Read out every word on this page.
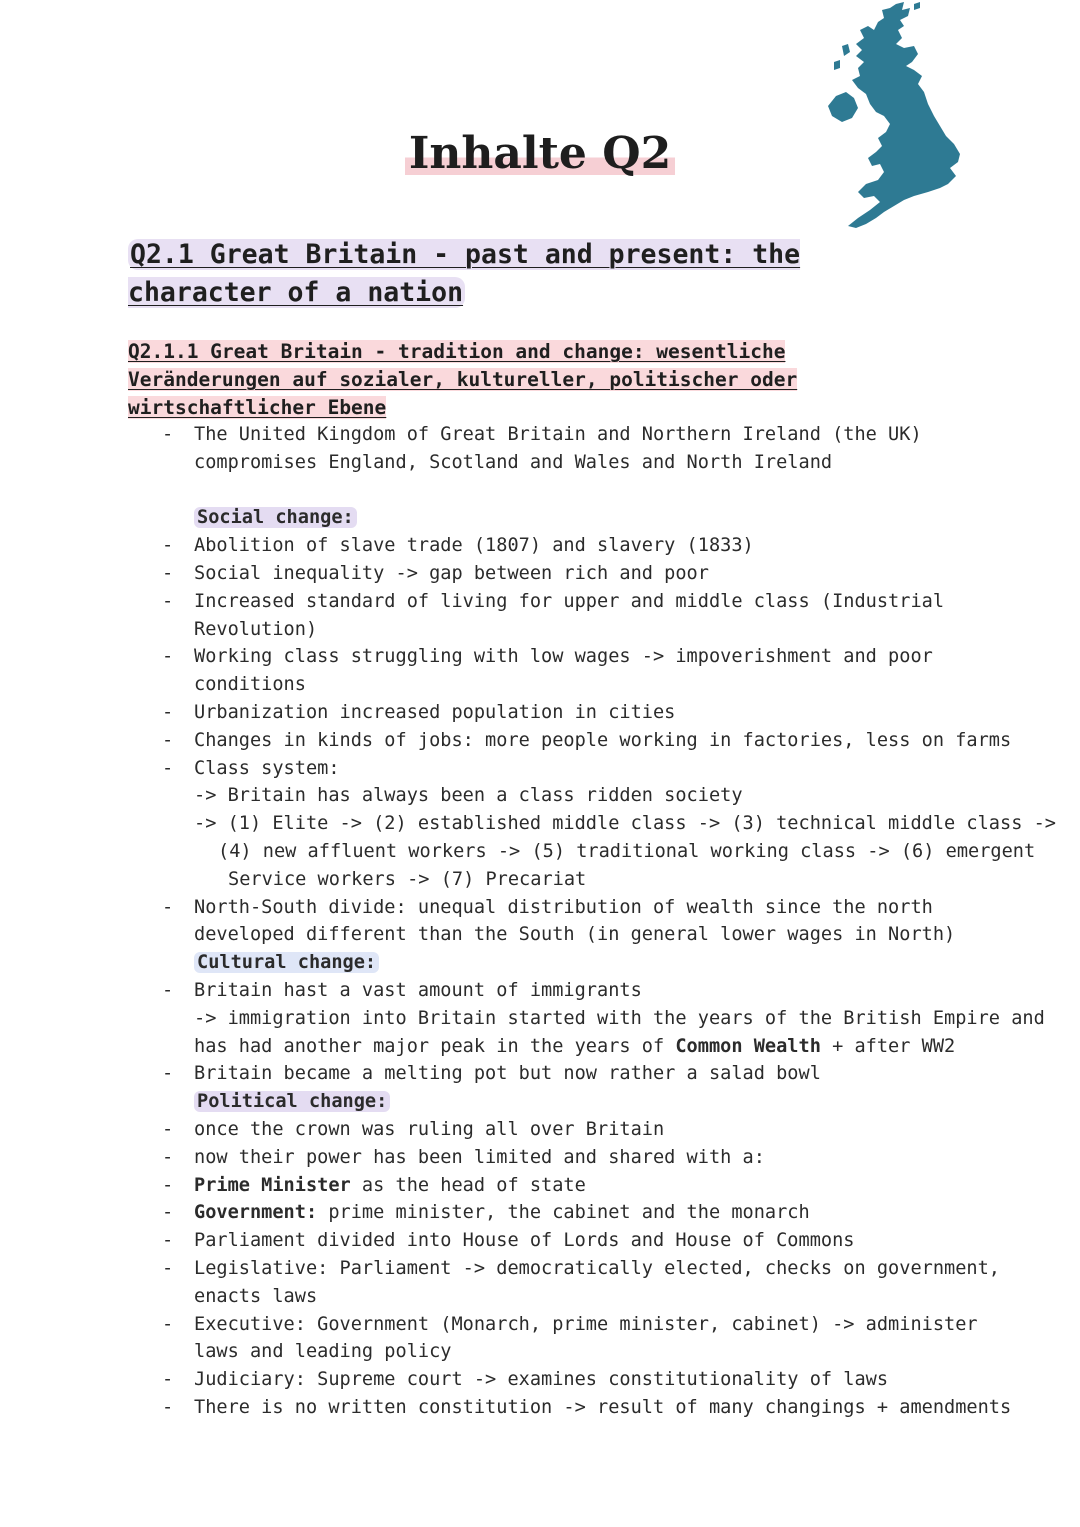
Inhalte Q2
Q2.1 Great Britain - past and present: the character of a nation
Q2.1.1 Great Britain - tradition and change: wesentliche Veränderungen auf sozialer, kultureller, politischer oder wirtschaftlicher Ebene
- The United Kingdom of Great Britain and Northern Ireland (the UK)
compromises England, Scotland and Wales and North Ireland
Social change:
- Abolition of slave trade (1807) and slavery (1833)
- Social inequality -> gap between rich and poor
- Increased standard of living for upper and middle class (Industrial
Revolution)
- Working class struggling with low wages -> impoverishment and poor
conditions
- Urbanization increased population in cities
- Changes in kinds of jobs: more people working in factories, less on farms
- Class system:
-> Britain has always been a class ridden society
-> (1) Elite -> (2) established middle class -> (3) technical middle class ->
(4) new affluent workers -> (5) traditional working class -> (6) emergent
Service workers -> (7) Precariat
- North-South divide: unequal distribution of wealth since the north
developed different than the South (in general lower wages in North)
Cultural change:
- Britain hast a vast amount of immigrants
-> immigration into Britain started with the years of the British Empire and
has had another major peak in the years of Common Wealth + after WW2
- Britain became a melting pot but now rather a salad bowl
Political change:
- once the crown was ruling all over Britain
- now their power has been limited and shared with a:
- Prime Minister as the head of state
- Government: prime minister, the cabinet and the monarch
- Parliament divided into House of Lords and House of Commons
- Legislative: Parliament -> democratically elected, checks on government,
enacts laws
- Executive: Government (Monarch, prime minister, cabinet) -> administer
laws and leading policy
- Judiciary: Supreme court -> examines constitutionality of laws
- There is no written constitution -> result of many changings + amendments
